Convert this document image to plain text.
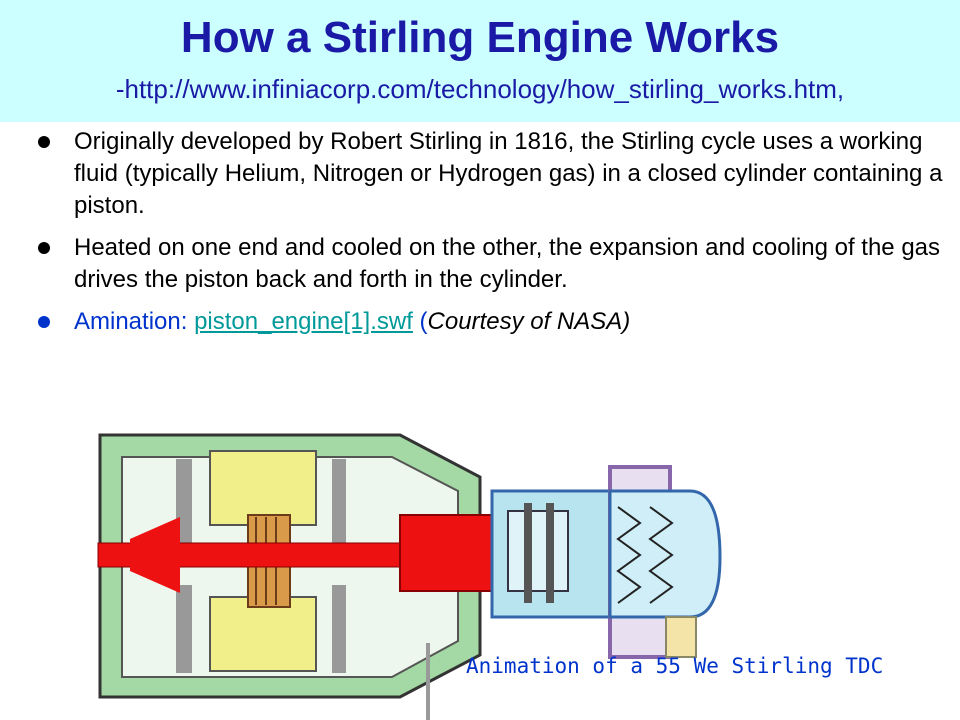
How a Stirling Engine Works
-http://www.infiniacorp.com/technology/how_stirling_works.htm,
Originally developed by Robert Stirling in 1816, the Stirling cycle uses a working fluid (typically Helium, Nitrogen or Hydrogen gas) in a closed cylinder containing a piston.
Heated on one end and cooled on the other, the expansion and cooling of the gas drives the piston back and forth in the cylinder.
Amination: piston_engine[1].swf (Courtesy of NASA)
Animation of a 55 We Stirling TDC
